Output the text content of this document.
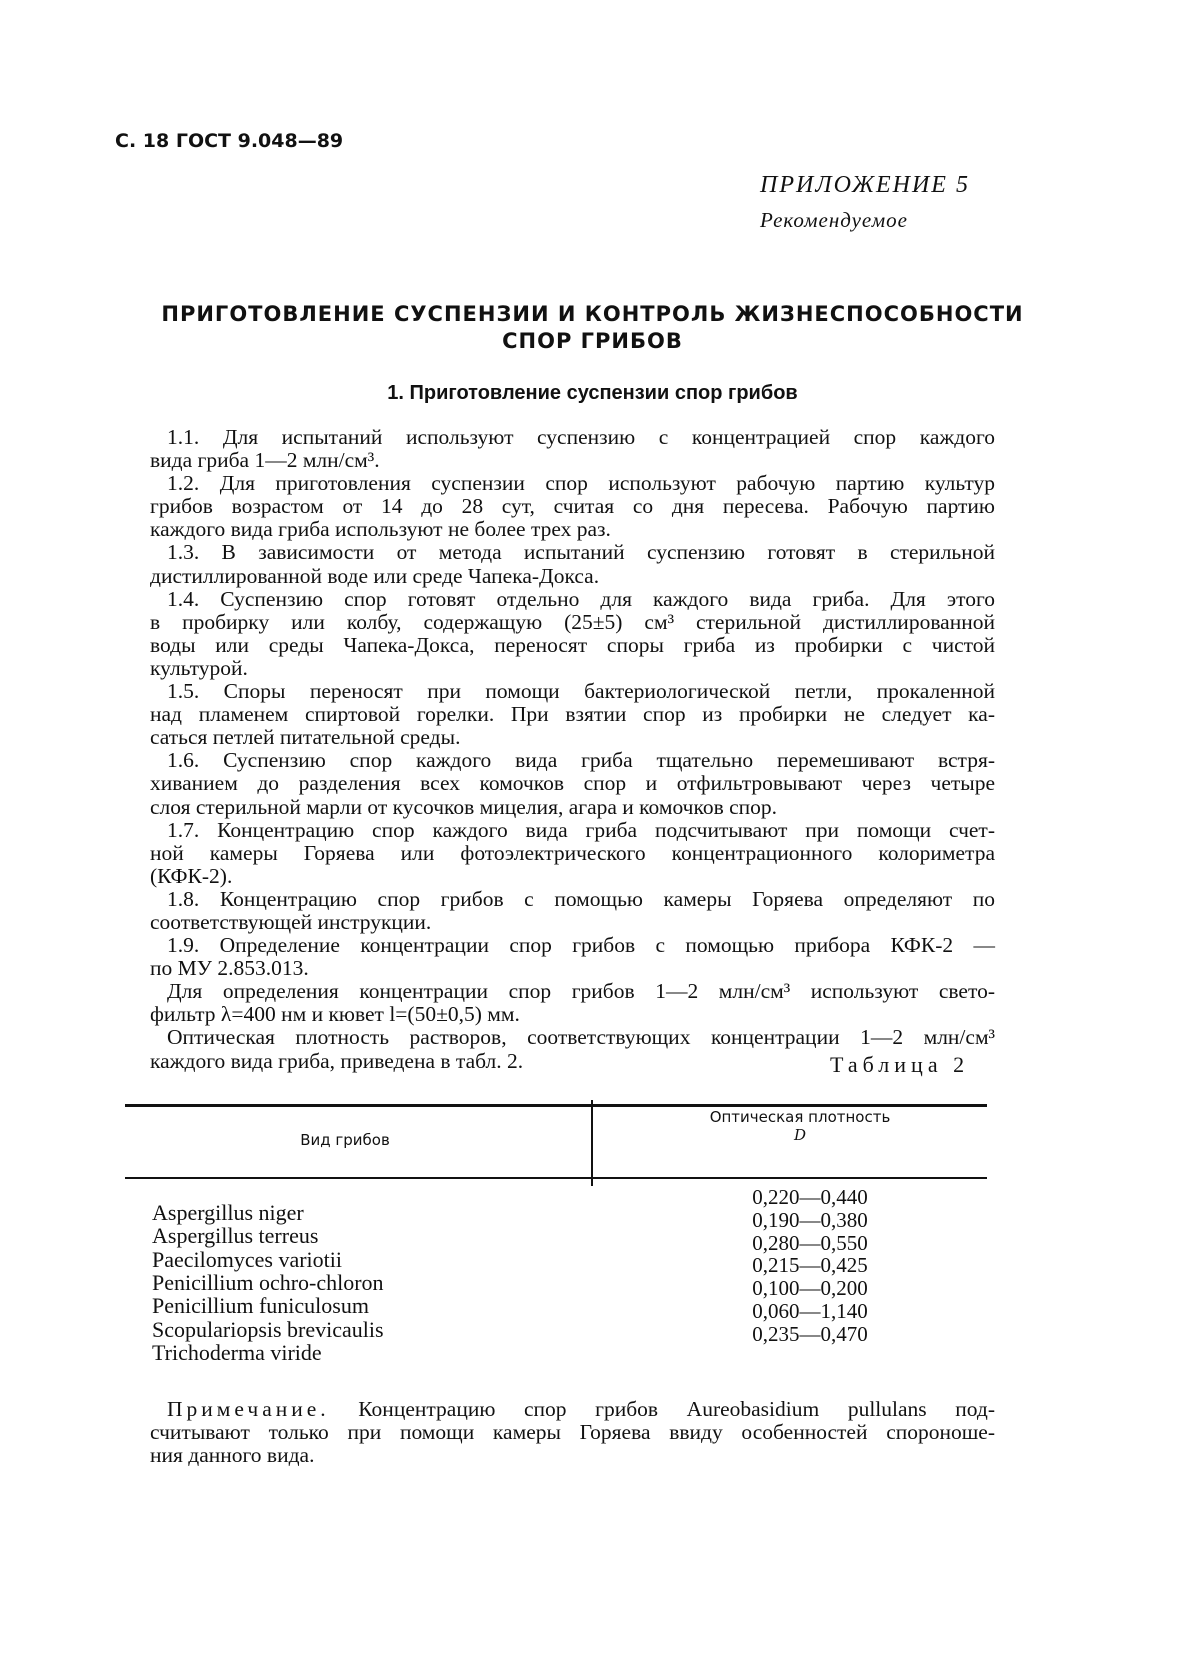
С. 18 ГОСТ 9.048—89
ПРИЛОЖЕНИЕ 5
Рекомендуемое
ПРИГОТОВЛЕНИЕ СУСПЕНЗИИ И КОНТРОЛЬ ЖИЗНЕСПОСОБНОСТИ
СПОР ГРИБОВ
1. Приготовление суспензии спор грибов
1.1. Для испытаний используют суспензию с концентрацией спор каждого
вида гриба 1—2 млн/см³.
1.2. Для приготовления суспензии спор используют рабочую партию культур
грибов возрастом от 14 до 28 сут, считая со дня пересева. Рабочую партию
каждого вида гриба используют не более трех раз.
1.3. В зависимости от метода испытаний суспензию готовят в стерильной
дистиллированной воде или среде Чапека-Докса.
1.4. Суспензию спор готовят отдельно для каждого вида гриба. Для этого
в пробирку или колбу, содержащую (25±5) см³ стерильной дистиллированной
воды или среды Чапека-Докса, переносят споры гриба из пробирки с чистой
культурой.
1.5. Споры переносят при помощи бактериологической петли, прокаленной
над пламенем спиртовой горелки. При взятии спор из пробирки не следует ка-
саться петлей питательной среды.
1.6. Суспензию спор каждого вида гриба тщательно перемешивают встря-
хиванием до разделения всех комочков спор и отфильтровывают через четыре
слоя стерильной марли от кусочков мицелия, агара и комочков спор.
1.7. Концентрацию спор каждого вида гриба подсчитывают при помощи счет-
ной камеры Горяева или фотоэлектрического концентрационного колориметра
(КФК-2).
1.8. Концентрацию спор грибов с помощью камеры Горяева определяют по
соответствующей инструкции.
1.9. Определение концентрации спор грибов с помощью прибора КФК-2 —
по МУ 2.853.013.
Для определения концентрации спор грибов 1—2 млн/см³ используют свето-
фильтр λ=400 нм и кювет l=(50±0,5) мм.
Оптическая плотность растворов, соответствующих концентрации 1—2 млн/см³
каждого вида гриба, приведена в табл. 2.	Таблица 2
Вид грибов
Оптическая плотность
D
Aspergillus niger
Aspergillus terreus
Paecilomyces variotii
Penicillium ochro-chloron
Penicillium funiculosum
Scopulariopsis brevicaulis
Trichoderma viride
0,220—0,440
0,190—0,380
0,280—0,550
0,215—0,425
0,100—0,200
0,060—1,140
0,235—0,470
Примечание. Концентрацию спор грибов Aureobasidium pullulans под-
считывают только при помощи камеры Горяева ввиду особенностей спороноше-
ния данного вида.
